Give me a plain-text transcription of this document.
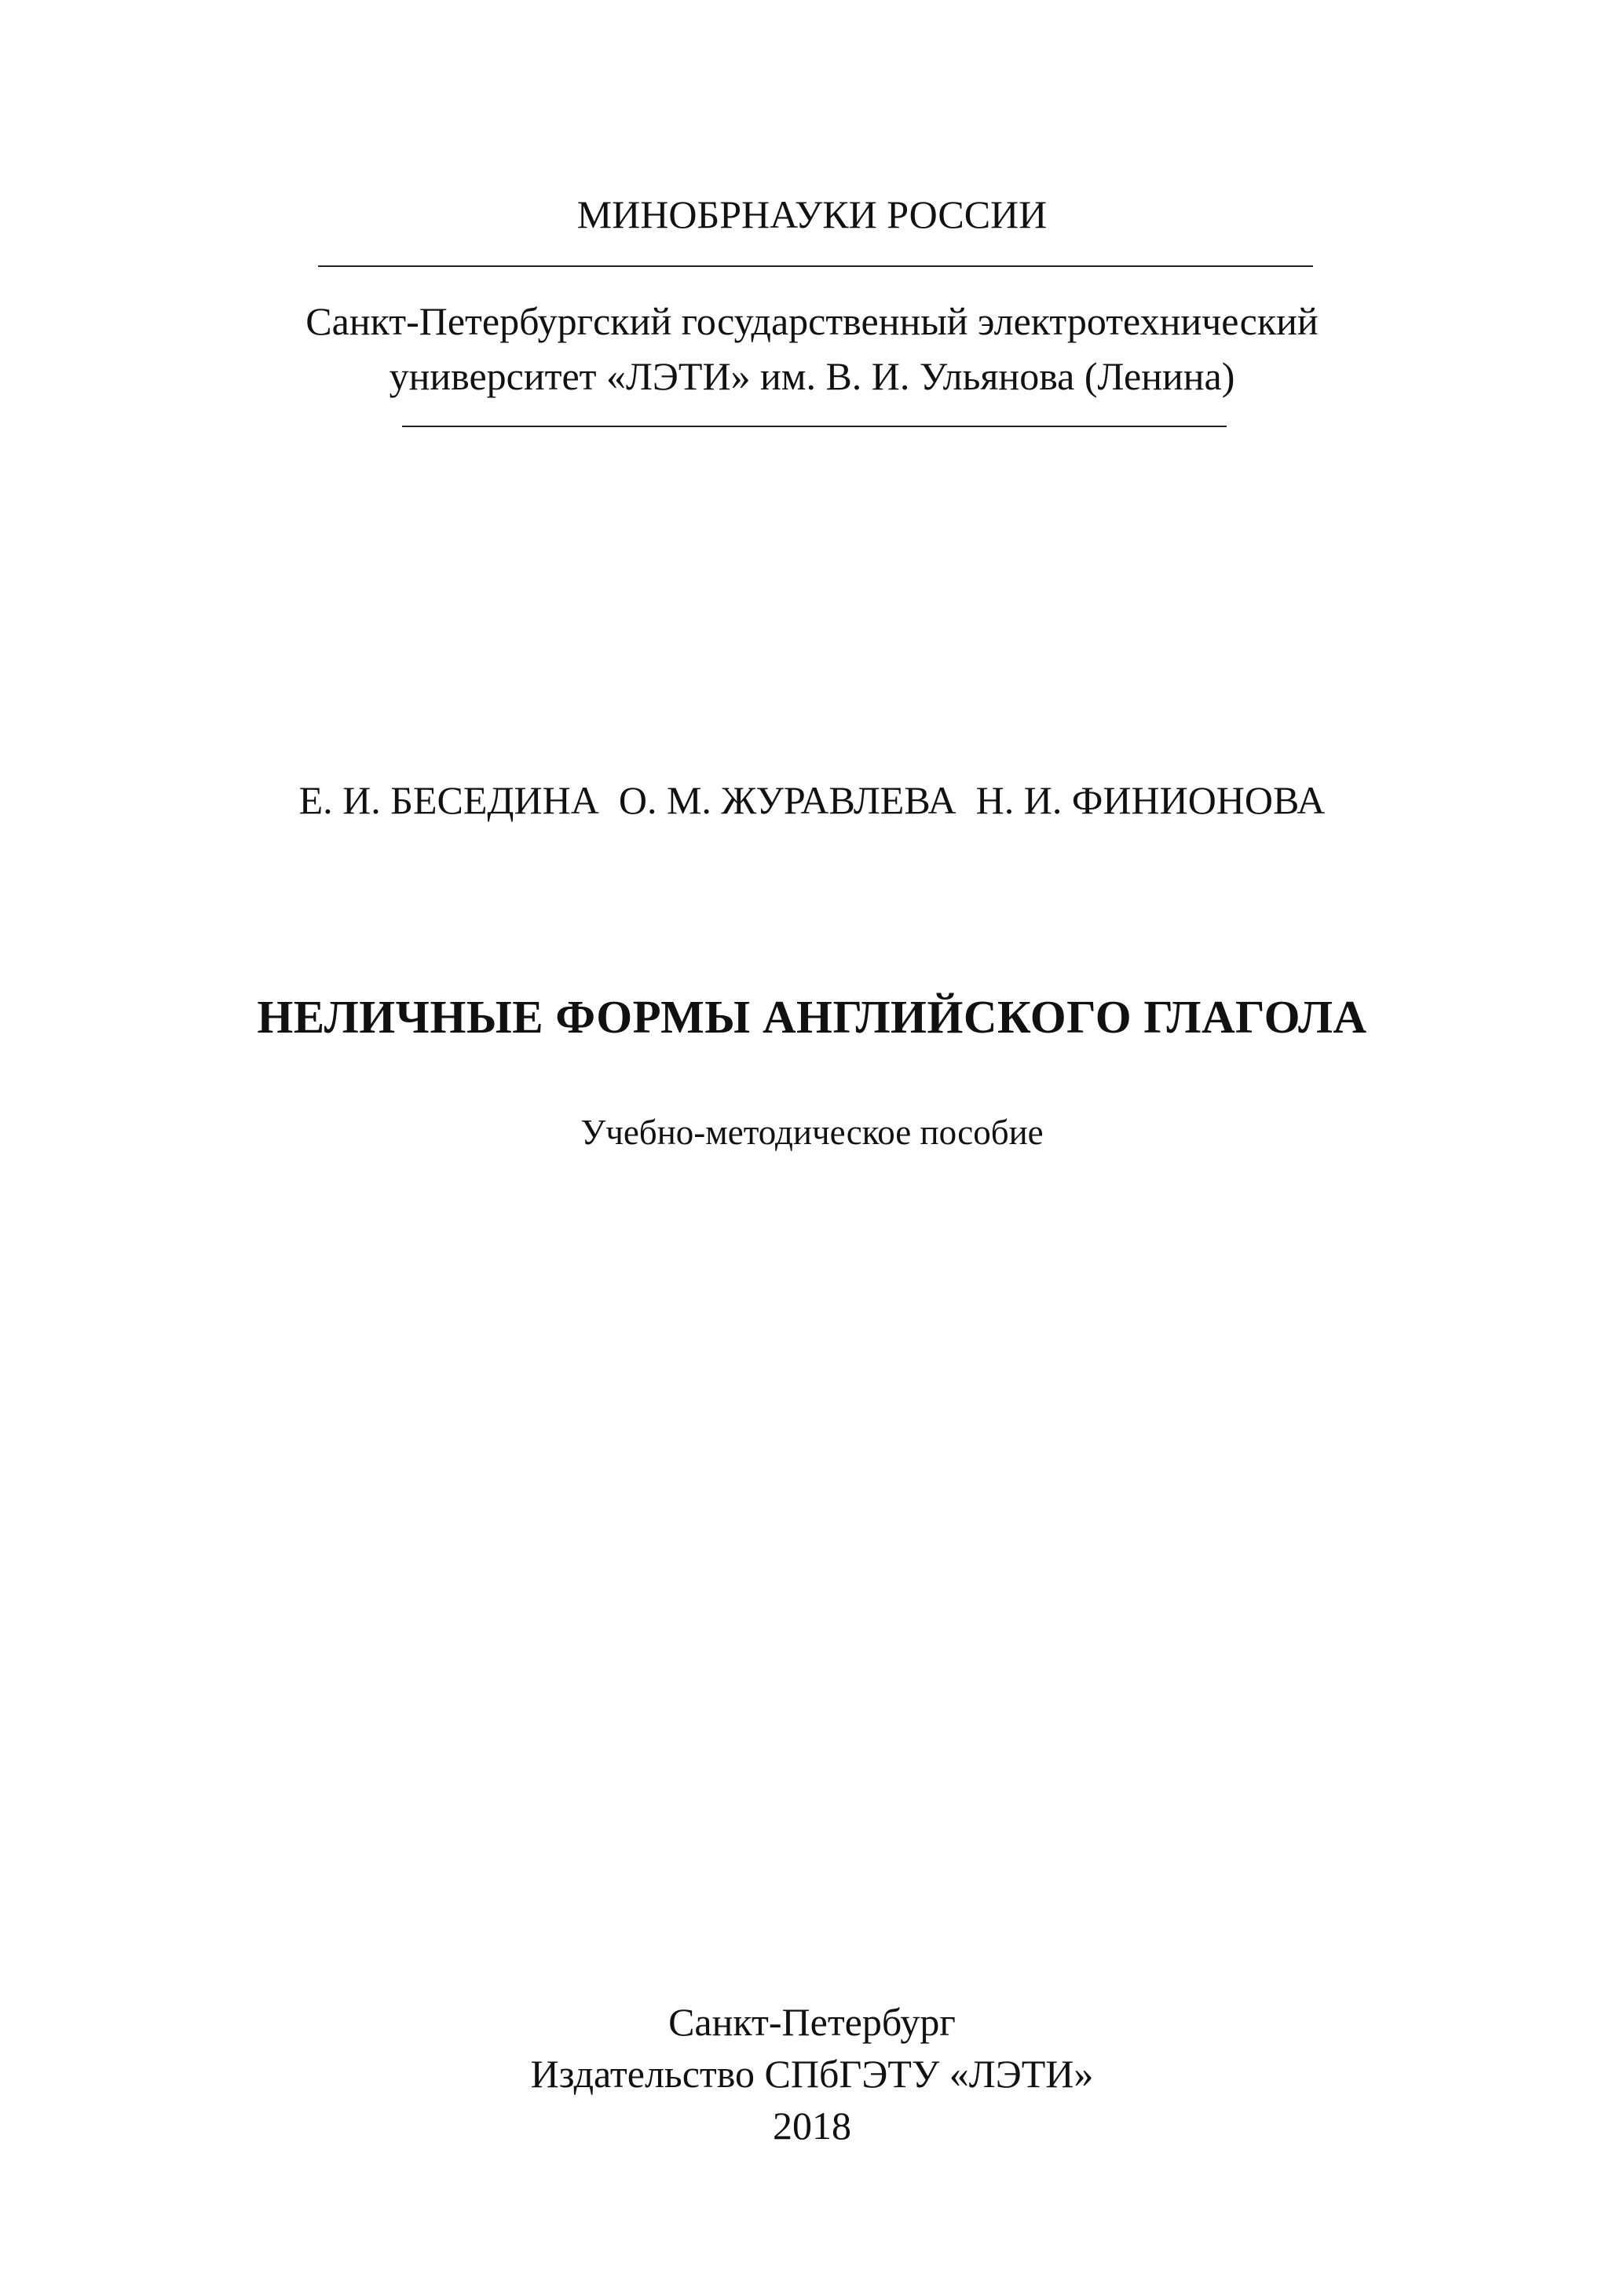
МИНОБРНАУКИ РОССИИ
Санкт-Петербургский государственный электротехнический
университет «ЛЭТИ» им. В. И. Ульянова (Ленина)
Е. И. БЕСЕДИНА  О. М. ЖУРАВЛЕВА  Н. И. ФИНИОНОВА
НЕЛИЧНЫЕ ФОРМЫ АНГЛИЙСКОГО ГЛАГОЛА
Учебно-методическое пособие
Санкт-Петербург
Издательство СПбГЭТУ «ЛЭТИ»
2018
